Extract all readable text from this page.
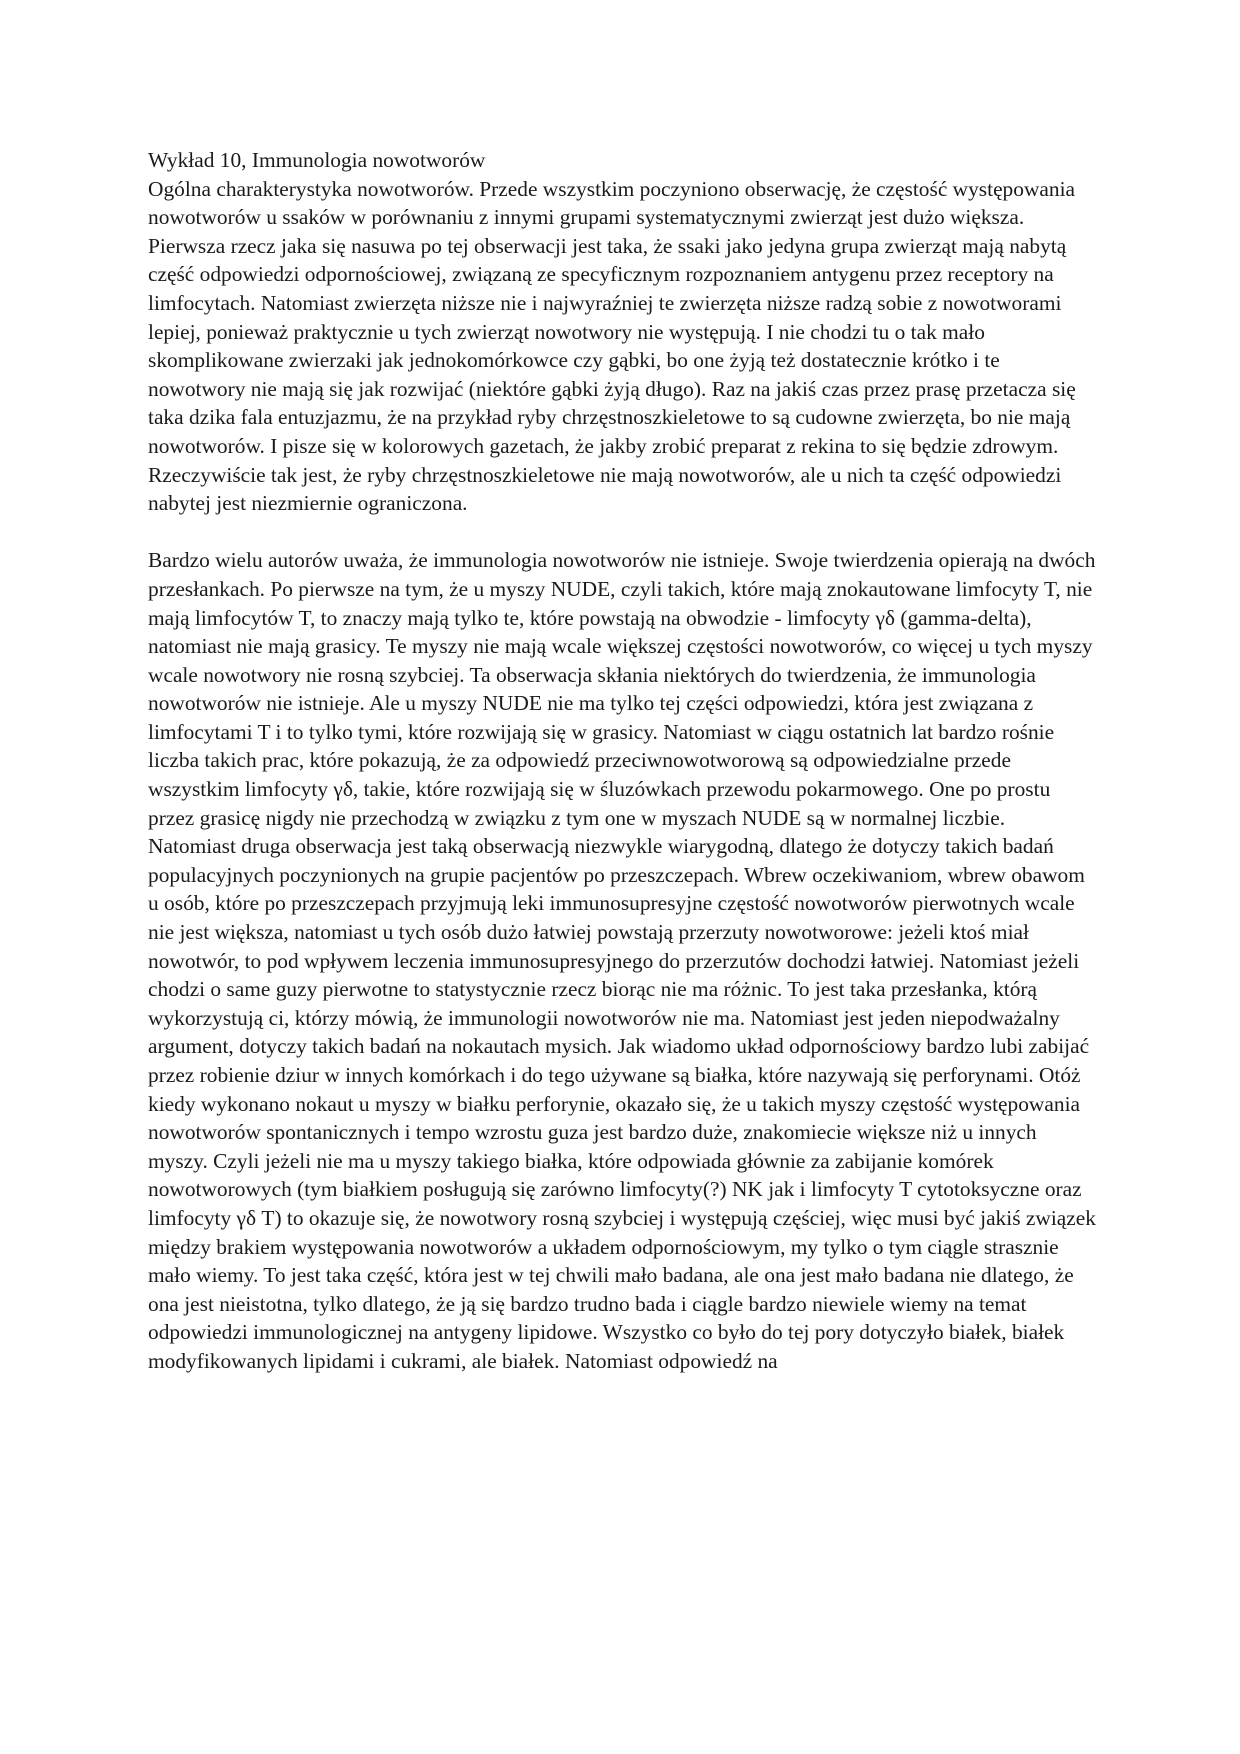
Wykład 10, Immunologia nowotworów

Ogólna charakterystyka nowotworów. Przede wszystkim poczyniono obserwację, że częstość występowania nowotworów u ssaków w porównaniu z innymi grupami systematycznymi zwierząt jest dużo większa. Pierwsza rzecz jaka się nasuwa po tej obserwacji jest taka, że ssaki jako jedyna grupa zwierząt mają nabytą część odpowiedzi odpornościowej, związaną ze specyficznym rozpoznaniem antygenu przez receptory na limfocytach. Natomiast zwierzęta niższe nie i najwyraźniej te zwierzęta niższe radzą sobie z nowotworami lepiej, ponieważ praktycznie u tych zwierząt nowotwory nie występują. I nie chodzi tu o tak mało skomplikowane zwierzaki jak jednokomórkowce czy gąbki, bo one żyją też dostatecznie krótko i te nowotwory nie mają się jak rozwijać (niektóre gąbki żyją długo). Raz na jakiś czas przez prasę przetacza się taka dzika fala entuzjazmu, że na przykład ryby chrzęstnoszkieletowe to są cudowne zwierzęta, bo nie mają nowotworów. I pisze się w kolorowych gazetach, że jakby zrobić preparat z rekina to się będzie zdrowym. Rzeczywiście tak jest, że ryby chrzęstnoszkieletowe nie mają nowotworów, ale u nich ta część odpowiedzi nabytej jest niezmiernie ograniczona.

Bardzo wielu autorów uważa, że immunologia nowotworów nie istnieje. Swoje twierdzenia opierają na dwóch przesłankach. Po pierwsze na tym, że u myszy NUDE, czyli takich, które mają znokautowane limfocyty T, nie mają limfocytów T, to znaczy mają tylko te, które powstają na obwodzie - limfocyty γδ (gamma-delta), natomiast nie mają grasicy. Te myszy nie mają wcale większej częstości nowotworów, co więcej u tych myszy wcale nowotwory nie rosną szybciej. Ta obserwacja skłania niektórych do twierdzenia, że immunologia nowotworów nie istnieje. Ale u myszy NUDE nie ma tylko tej części odpowiedzi, która jest związana z limfocytami T i to tylko tymi, które rozwijają się w grasicy. Natomiast w ciągu ostatnich lat bardzo rośnie liczba takich prac, które pokazują, że za odpowiedź przeciwnowotworową są odpowiedzialne przede wszystkim limfocyty γδ, takie, które rozwijają się w śluzówkach przewodu pokarmowego. One po prostu przez grasicę nigdy nie przechodzą w związku z tym one w myszach NUDE są w normalnej liczbie. Natomiast druga obserwacja jest taką obserwacją niezwykle wiarygodną, dlatego że dotyczy takich badań populacyjnych poczynionych na grupie pacjentów po przeszczepach. Wbrew oczekiwaniom, wbrew obawom u osób, które po przeszczepach przyjmują leki immunosupresyjne częstość nowotworów pierwotnych wcale nie jest większa, natomiast u tych osób dużo łatwiej powstają przerzuty nowotworowe: jeżeli ktoś miał nowotwór, to pod wpływem leczenia immunosupresyjnego do przerzutów dochodzi łatwiej. Natomiast jeżeli chodzi o same guzy pierwotne to statystycznie rzecz biorąc nie ma różnic. To jest taka przesłanka, którą wykorzystują ci, którzy mówią, że immunologii nowotworów nie ma. Natomiast jest jeden niepodważalny argument, dotyczy takich badań na nokautach mysich. Jak wiadomo układ odpornościowy bardzo lubi zabijać przez robienie dziur w innych komórkach i do tego używane są białka, które nazywają się perforynami. Otóż kiedy wykonano nokaut u myszy w białku perforynie, okazało się, że u takich myszy częstość występowania nowotworów spontanicznych i tempo wzrostu guza jest bardzo duże, znakomiecie większe niż u innych myszy. Czyli jeżeli nie ma u myszy takiego białka, które odpowiada głównie za zabijanie komórek nowotworowych (tym białkiem posługują się zarówno limfocyty(?) NK jak i limfocyty T cytotoksyczne oraz limfocyty γδ T) to okazuje się, że nowotwory rosną szybciej i występują częściej, więc musi być jakiś związek między brakiem występowania nowotworów a układem odpornościowym, my tylko o tym ciągle strasznie mało wiemy. To jest taka część, która jest w tej chwili mało badana, ale ona jest mało badana nie dlatego, że ona jest nieistotna, tylko dlatego, że ją się bardzo trudno bada i ciągle bardzo niewiele wiemy na temat odpowiedzi immunologicznej na antygeny lipidowe. Wszystko co było do tej pory dotyczyło białek, białek modyfikowanych lipidami i cukrami, ale białek. Natomiast odpowiedź na
